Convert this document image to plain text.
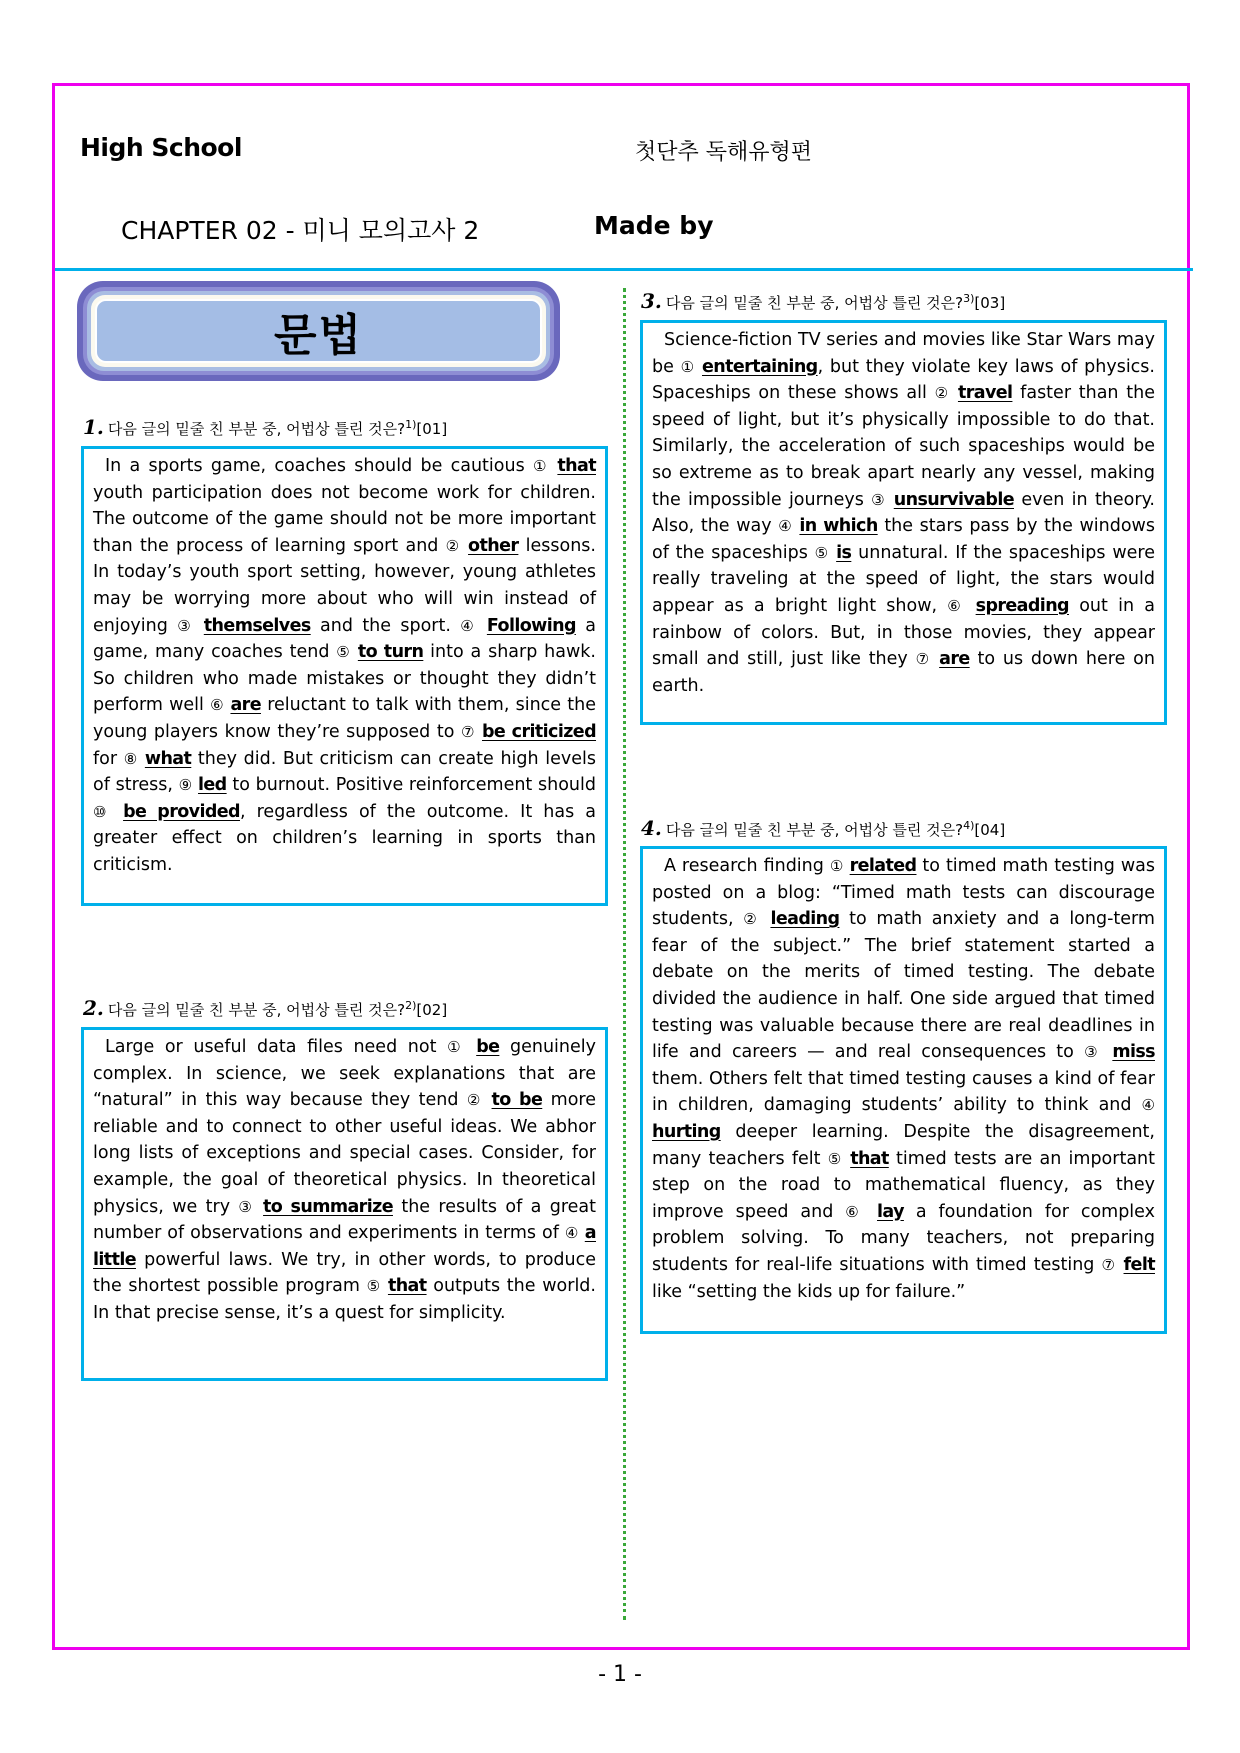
High School	첫단추 독해유형편
CHAPTER 02 - 미니 모의고사 2	Made by
문법
1. 다음 글의 밑줄 친 부분 중, 어법상 틀린 것은?$^{1)}$[01]

In a sports game, coaches should be cautious ① that youth participation does not become work for children. The outcome of the game should not be more important than the process of learning sport and ② other lessons. In today’s youth sport setting, however, young athletes may be worrying more about who will win instead of enjoying ③ themselves and the sport. ④ Following a game, many coaches tend ⑤ to turn into a sharp hawk. So children who made mistakes or thought they didn’t perform well ⑥ are reluctant to talk with them, since the young players know they’re supposed to ⑦ be criticized for ⑧ what they did. But criticism can create high levels of stress, ⑨ led to burnout. Positive reinforcement should ⑩ be provided, regardless of the outcome. It has a greater effect on children’s learning in sports than criticism.

2. 다음 글의 밑줄 친 부분 중, 어법상 틀린 것은?$^{2)}$[02]

Large or useful data files need not ① be genuinely complex. In science, we seek explanations that are “natural” in this way because they tend ② to be more reliable and to connect to other useful ideas. We abhor long lists of exceptions and special cases. Consider, for example, the goal of theoretical physics. In theoretical physics, we try ③ to summarize the results of a great number of observations and experiments in terms of ④ a little powerful laws. We try, in other words, to produce the shortest possible program ⑤ that outputs the world. In that precise sense, it’s a quest for simplicity.

3. 다음 글의 밑줄 친 부분 중, 어법상 틀린 것은?$^{3)}$[03]

Science-fiction TV series and movies like Star Wars may be ① entertaining, but they violate key laws of physics. Spaceships on these shows all ② travel faster than the speed of light, but it’s physically impossible to do that. Similarly, the acceleration of such spaceships would be so extreme as to break apart nearly any vessel, making the impossible journeys ③ unsurvivable even in theory. Also, the way ④ in which the stars pass by the windows of the spaceships ⑤ is unnatural. If the spaceships were really traveling at the speed of light, the stars would appear as a bright light show, ⑥ spreading out in a rainbow of colors. But, in those movies, they appear small and still, just like they ⑦ are to us down here on earth.

4. 다음 글의 밑줄 친 부분 중, 어법상 틀린 것은?$^{4)}$[04]

A research finding ① related to timed math testing was posted on a blog: “Timed math tests can discourage students, ② leading to math anxiety and a long-term fear of the subject.” The brief statement started a debate on the merits of timed testing. The debate divided the audience in half. One side argued that timed testing was valuable because there are real deadlines in life and careers — and real consequences to ③ miss them. Others felt that timed testing causes a kind of fear in children, damaging students’ ability to think and ④ hurting deeper learning. Despite the disagreement, many teachers felt ⑤ that timed tests are an important step on the road to mathematical fluency, as they improve speed and ⑥ lay a foundation for complex problem solving. To many teachers, not preparing students for real-life situations with timed testing ⑦ felt like “setting the kids up for failure.”

- 1 -
